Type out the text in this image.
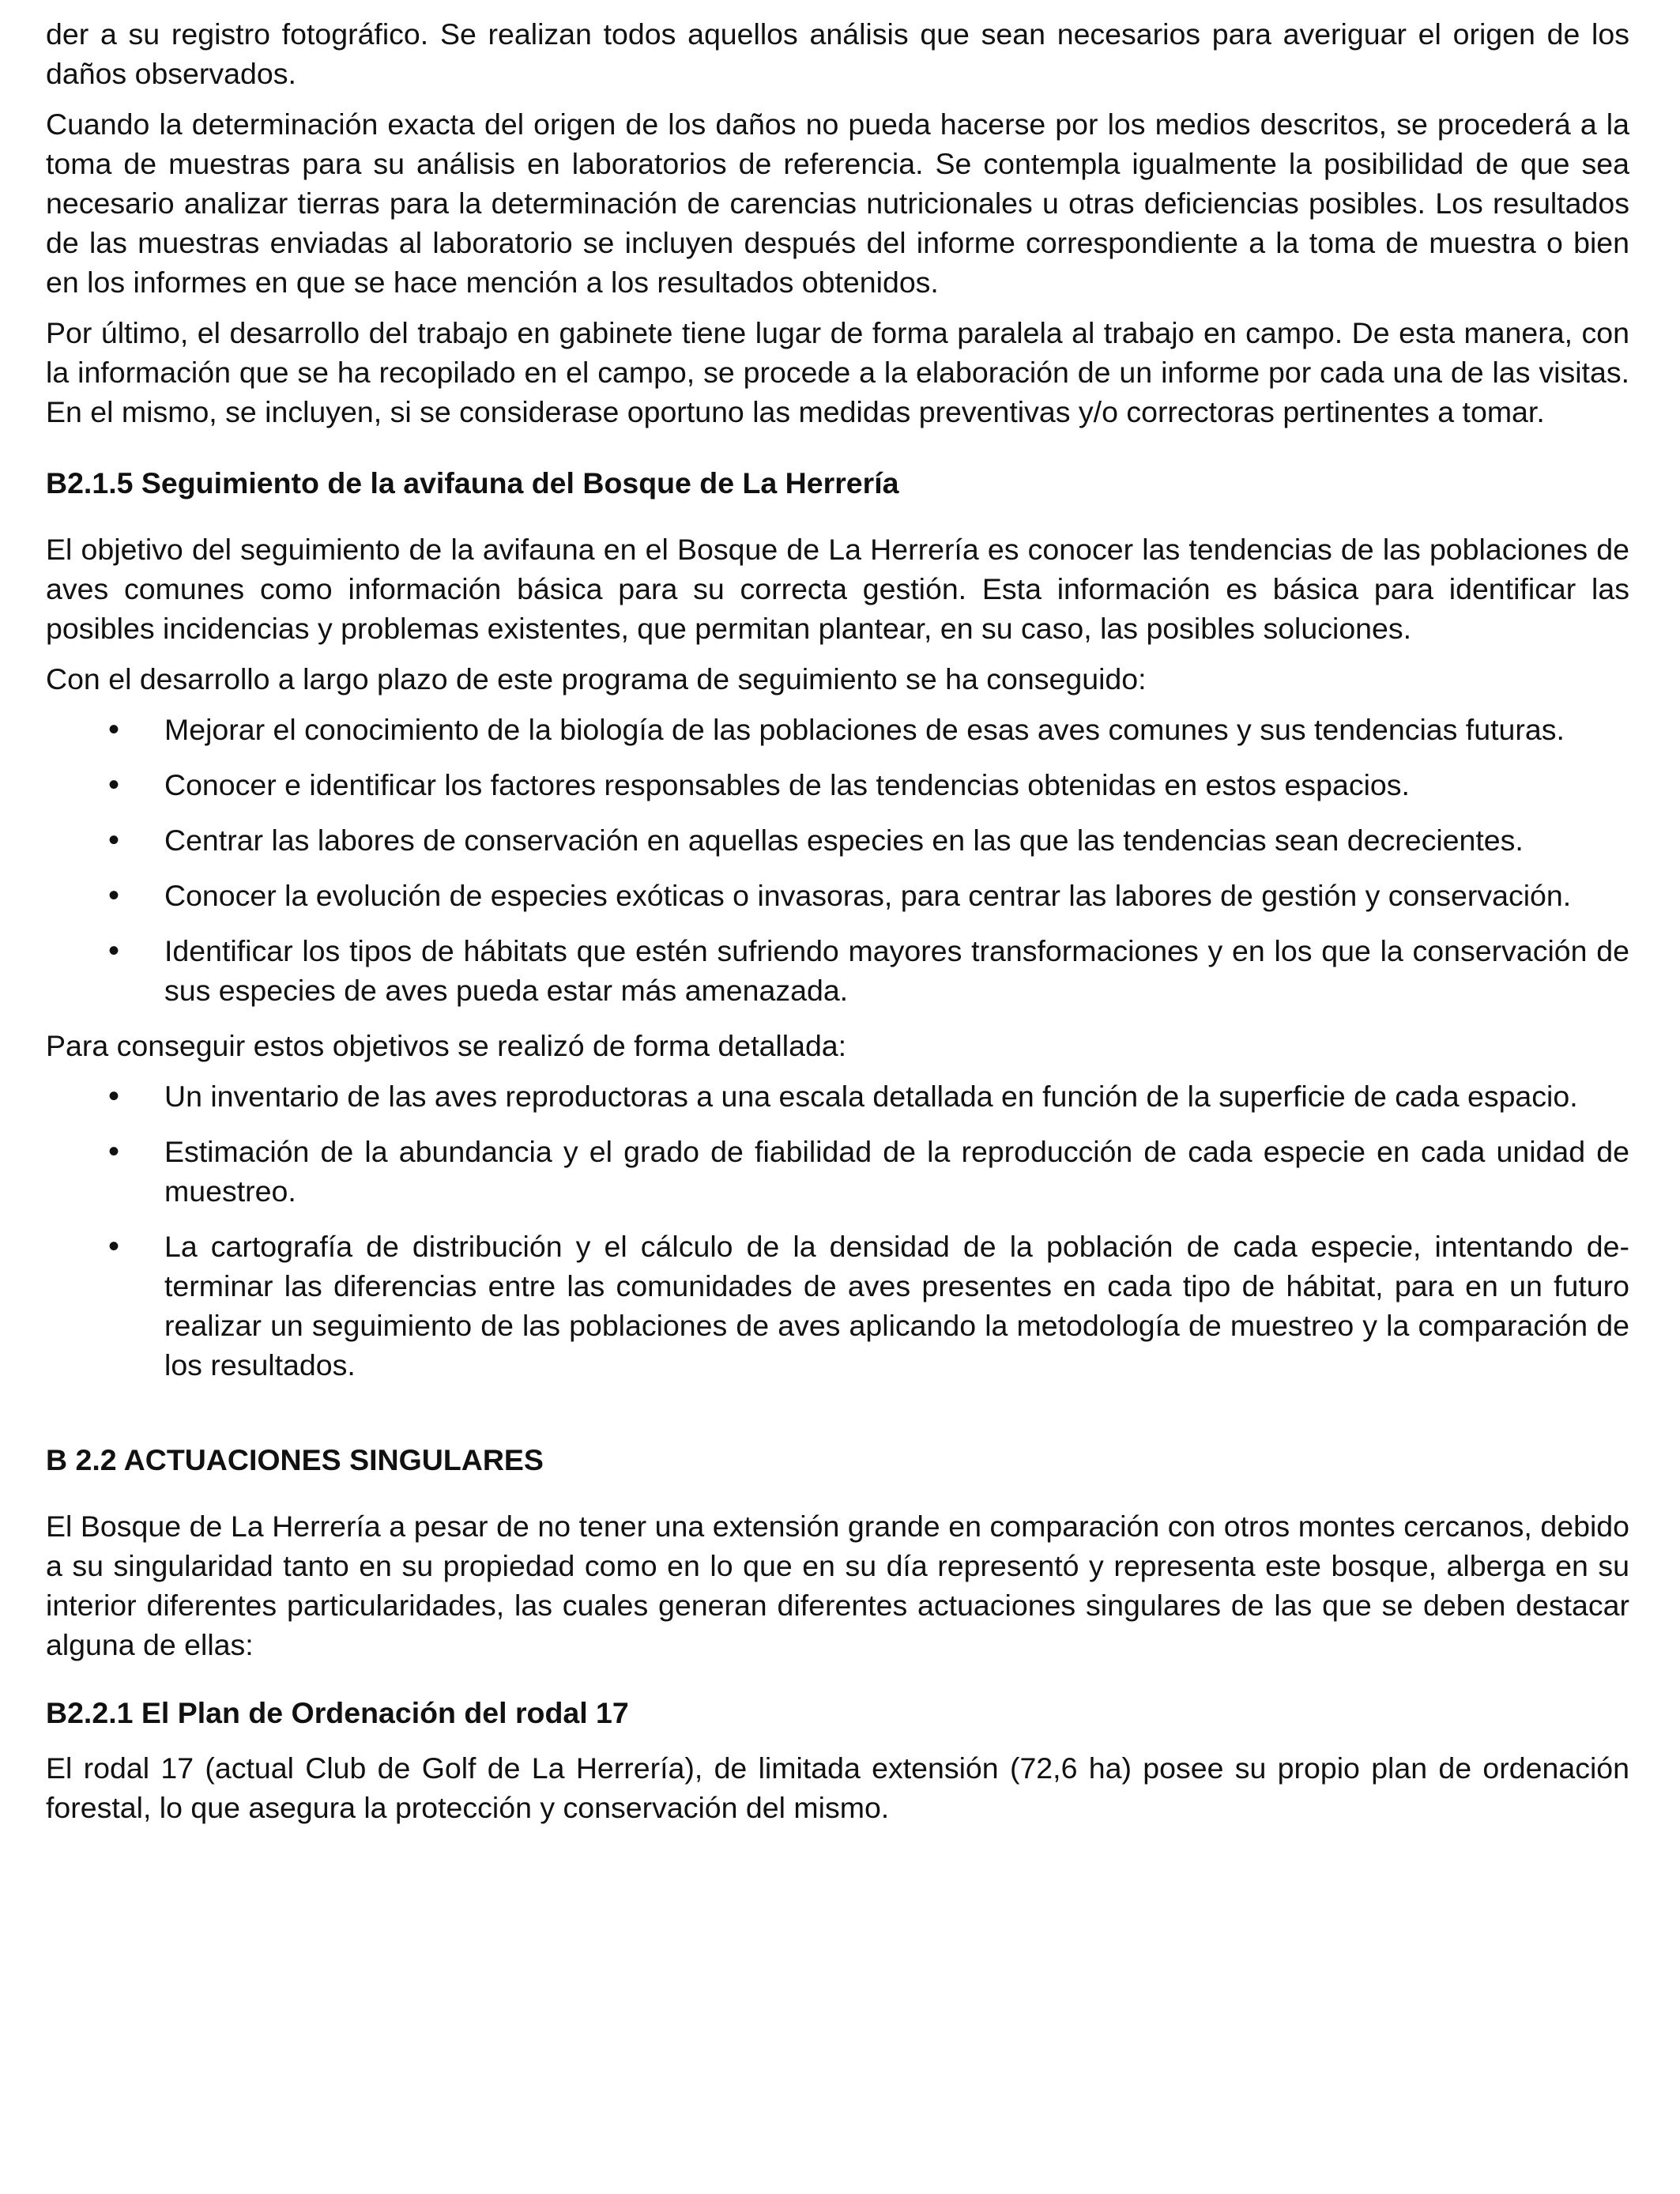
der a su registro fotográfico. Se realizan todos aquellos análisis que sean necesarios para averiguar el origen de los daños observados.

Cuando la determinación exacta del origen de los daños no pueda hacerse por los medios descritos, se procederá a la toma de muestras para su análisis en laboratorios de referencia. Se contempla igualmente la posibilidad de que sea necesario analizar tierras para la determinación de carencias nutricionales u otras deficiencias posibles. Los resultados de las muestras enviadas al laboratorio se incluyen después del informe correspondiente a la toma de muestra o bien en los informes en que se hace mención a los resultados obtenidos.

Por último, el desarrollo del trabajo en gabinete tiene lugar de forma paralela al trabajo en campo. De esta manera, con la información que se ha recopilado en el campo, se procede a la elaboración de un informe por cada una de las visitas. En el mismo, se incluyen, si se considerase oportuno las medidas preventivas y/o correctoras pertinentes a tomar.

B2.1.5 Seguimiento de la avifauna del Bosque de La Herrería

El objetivo del seguimiento de la avifauna en el Bosque de La Herrería es conocer las tendencias de las poblaciones de aves comunes como información básica para su correcta gestión. Esta información es básica para identificar las posibles incidencias y problemas existentes, que permitan plantear, en su caso, las posibles soluciones.

Con el desarrollo a largo plazo de este programa de seguimiento se ha conseguido:

• Mejorar el conocimiento de la biología de las poblaciones de esas aves comunes y sus tendencias futuras.
• Conocer e identificar los factores responsables de las tendencias obtenidas en estos espacios.
• Centrar las labores de conservación en aquellas especies en las que las tendencias sean decrecientes.
• Conocer la evolución de especies exóticas o invasoras, para centrar las labores de gestión y conservación.
• Identificar los tipos de hábitats que estén sufriendo mayores transformaciones y en los que la conservación de sus especies de aves pueda estar más amenazada.

Para conseguir estos objetivos se realizó de forma detallada:

• Un inventario de las aves reproductoras a una escala detallada en función de la superficie de cada espacio.
• Estimación de la abundancia y el grado de fiabilidad de la reproducción de cada especie en cada unidad de muestreo.
• La cartografía de distribución y el cálculo de la densidad de la población de cada especie, intentando determinar las diferencias entre las comunidades de aves presentes en cada tipo de hábitat, para en un futuro realizar un seguimiento de las poblaciones de aves aplicando la metodología de muestreo y la comparación de los resultados.
B 2.2 ACTUACIONES SINGULARES

El Bosque de La Herrería a pesar de no tener una extensión grande en comparación con otros montes cercanos, debido a su singularidad tanto en su propiedad como en lo que en su día representó y representa este bosque, alberga en su interior diferentes particularidades, las cuales generan diferentes actuaciones singulares de las que se deben destacar alguna de ellas:

B2.2.1 El Plan de Ordenación del rodal 17

El rodal 17 (actual Club de Golf de La Herrería), de limitada extensión (72,6 ha) posee su propio plan de ordenación forestal, lo que asegura la protección y conservación del mismo.
